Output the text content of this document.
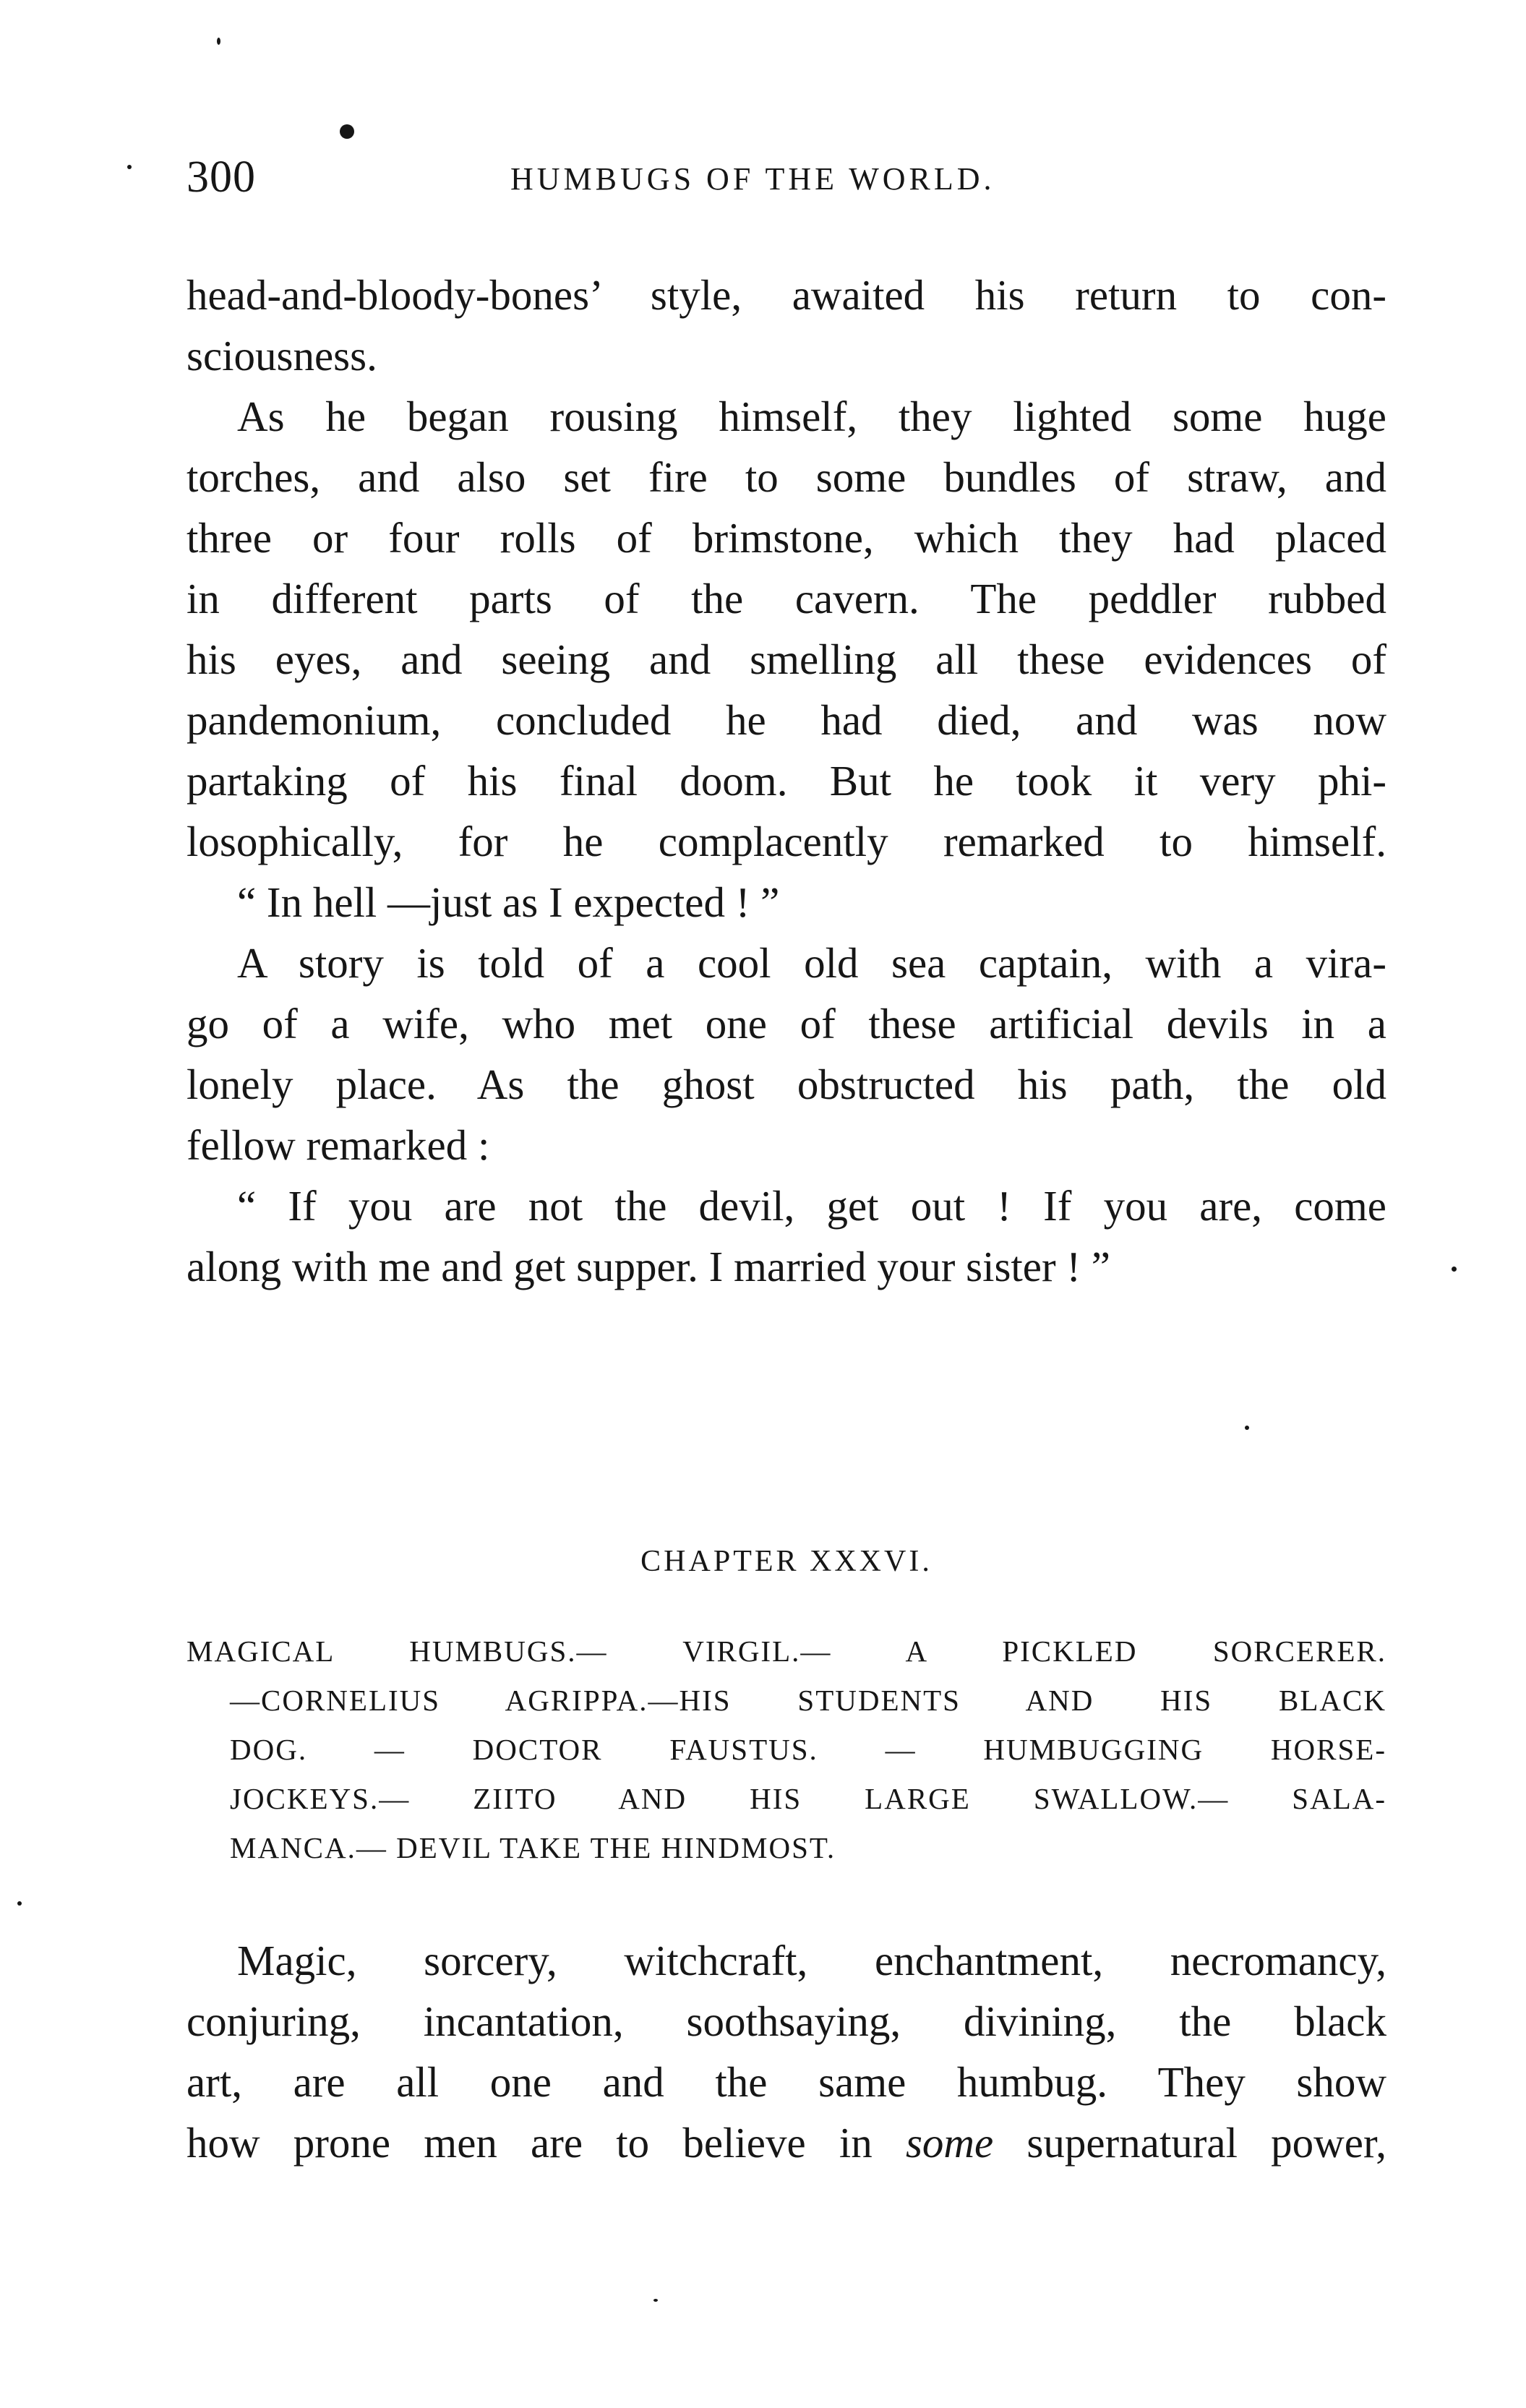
300	HUMBUGS OF THE WORLD.
head-and-bloody-bones’ style, awaited his return to con-
sciousness.
As he began rousing himself, they lighted some huge
torches, and also set fire to some bundles of straw, and
three or four rolls of brimstone, which they had placed
in different parts of the cavern. The peddler rubbed
his eyes, and seeing and smelling all these evidences of
pandemonium, concluded he had died, and was now
partaking of his final doom. But he took it very phi-
losophically, for he complacently remarked to himself.
“ In hell —just as I expected ! ”
A story is told of a cool old sea captain, with a vira-
go of a wife, who met one of these artificial devils in a
lonely place. As the ghost obstructed his path, the old
fellow remarked :
“ If you are not the devil, get out ! If you are, come
along with me and get supper. I married your sister ! ”
CHAPTER XXXVI.
MAGICAL HUMBUGS.— VIRGIL.— A PICKLED SORCERER.
—CORNELIUS AGRIPPA.—HIS STUDENTS AND HIS BLACK
DOG. — DOCTOR FAUSTUS. — HUMBUGGING HORSE-
JOCKEYS.— ZIITO AND HIS LARGE SWALLOW.— SALA-
MANCA.— DEVIL TAKE THE HINDMOST.
Magic, sorcery, witchcraft, enchantment, necromancy,
conjuring, incantation, soothsaying, divining, the black
art, are all one and the same humbug. They show
how prone men are to believe in some supernatural power,
